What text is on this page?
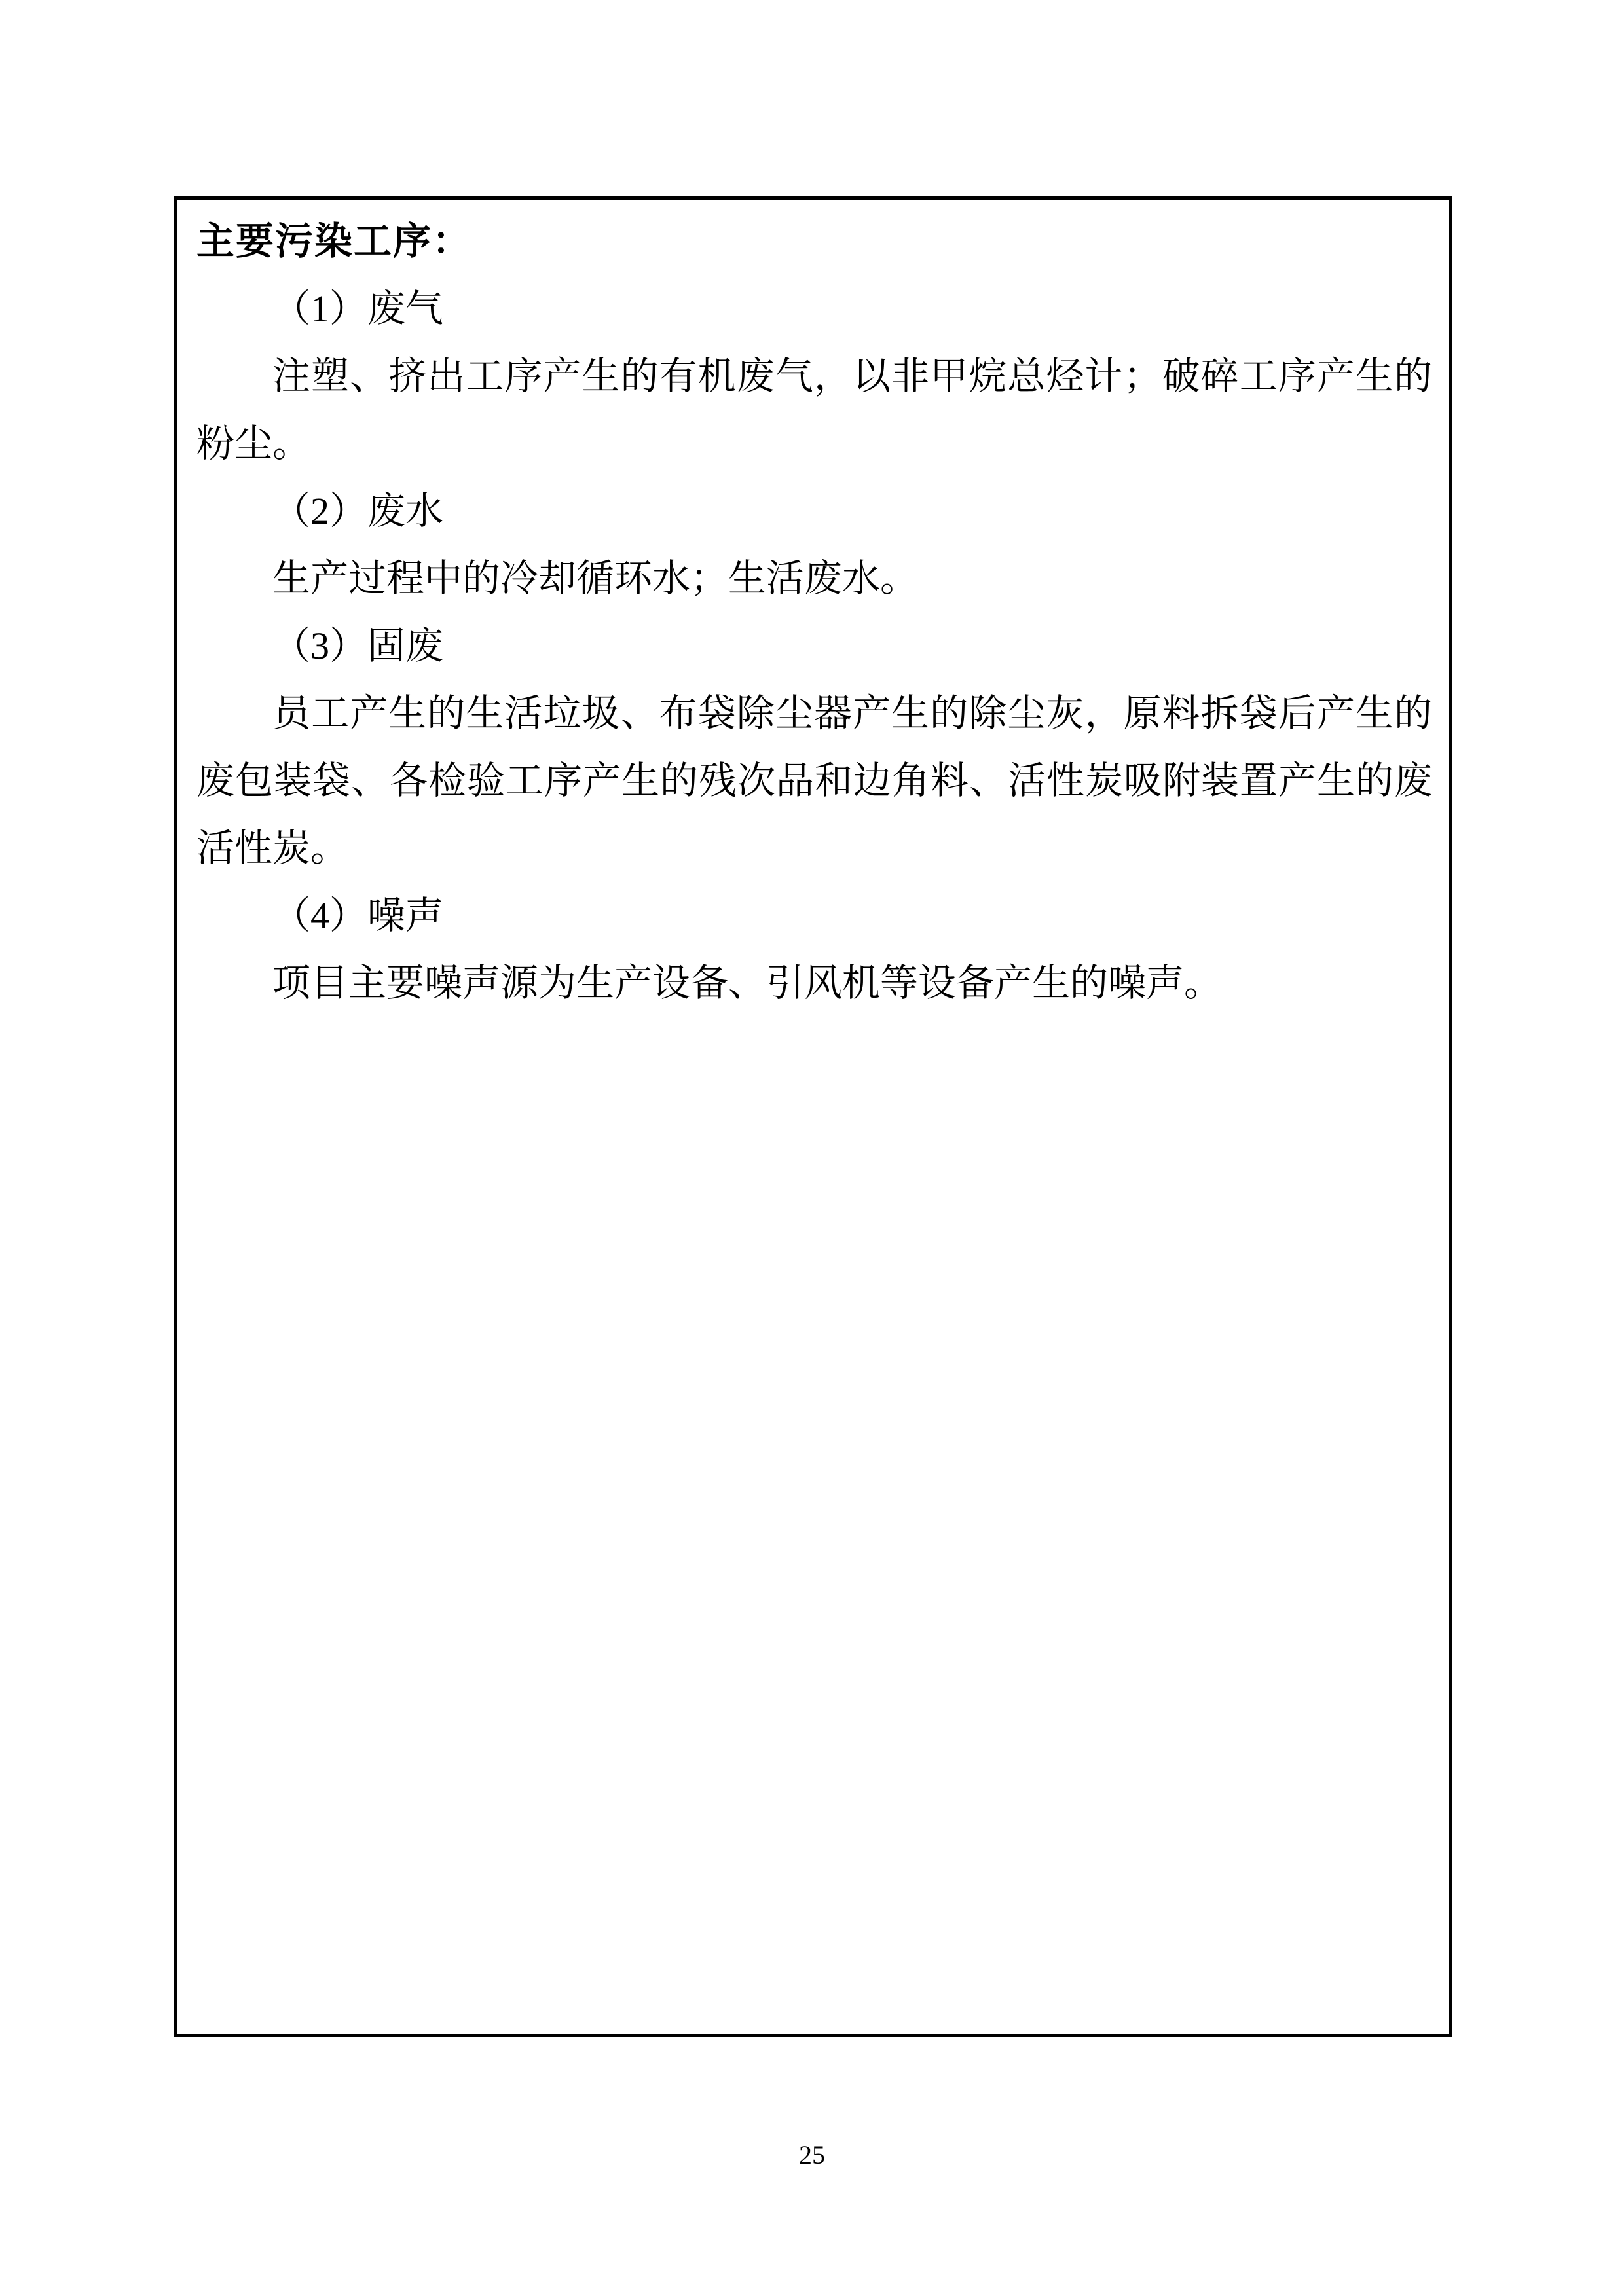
主要污染工序：
（1）废气
注塑、挤出工序产生的有机废气，以非甲烷总烃计；破碎工序产生的粉尘。
（2）废水
生产过程中的冷却循环水；生活废水。
（3）固废
员工产生的生活垃圾、布袋除尘器产生的除尘灰，原料拆袋后产生的废包装袋、各检验工序产生的残次品和边角料、活性炭吸附装置产生的废活性炭。
（4）噪声
项目主要噪声源为生产设备、引风机等设备产生的噪声。
25
